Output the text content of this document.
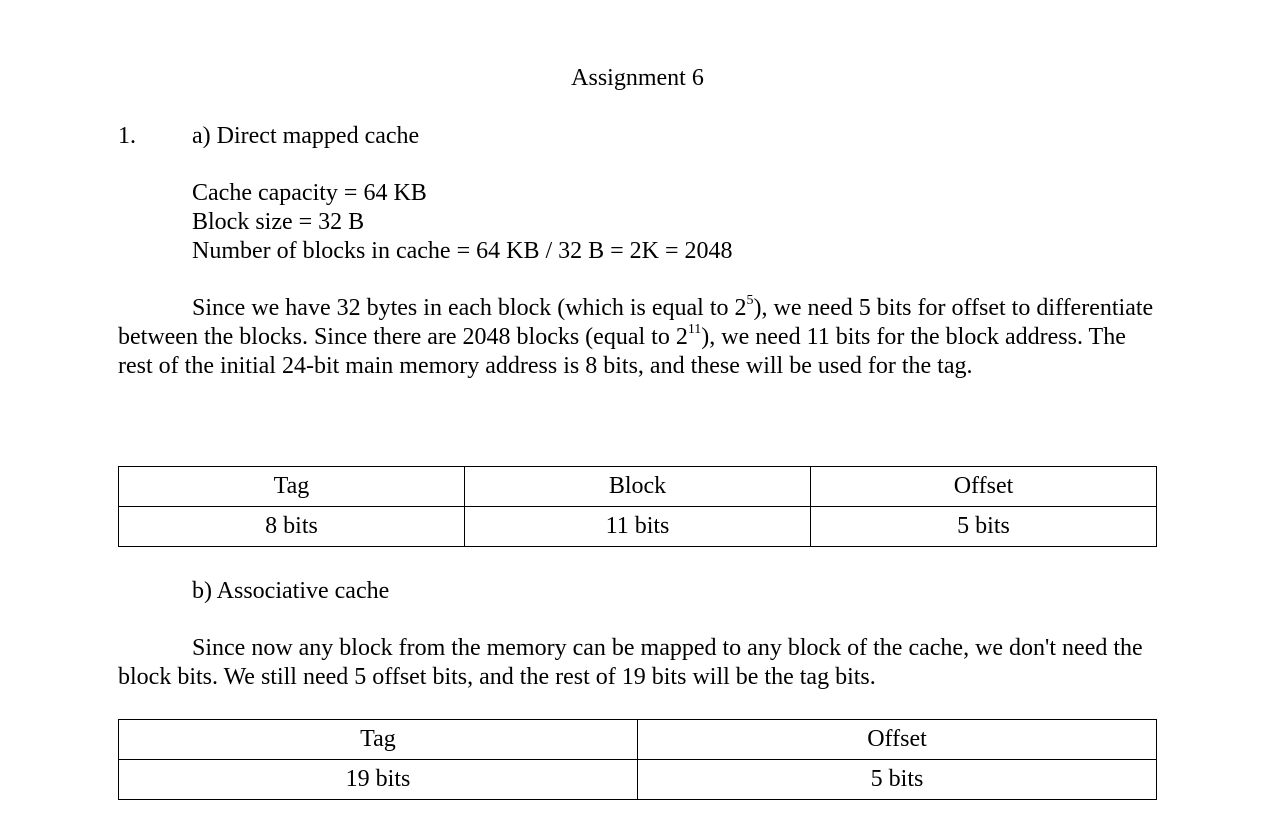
Assignment 6
1. a) Direct mapped cache
Cache capacity = 64 KB
Block size = 32 B
Number of blocks in cache = 64 KB / 32 B = 2K = 2048
Since we have 32 bytes in each block (which is equal to $2^5$), we need 5 bits for offset to differentiate between the blocks. Since there are 2048 blocks (equal to $2^{11}$), we need 11 bits for the block address. The rest of the initial 24-bit main memory address is 8 bits, and these will be used for the tag.
Tag	Block	Offset
8 bits	11 bits	5 bits
b) Associative cache
Since now any block from the memory can be mapped to any block of the cache, we don't need the block bits. We still need 5 offset bits, and the rest of 19 bits will be the tag bits.
Tag	Offset
19 bits	5 bits
